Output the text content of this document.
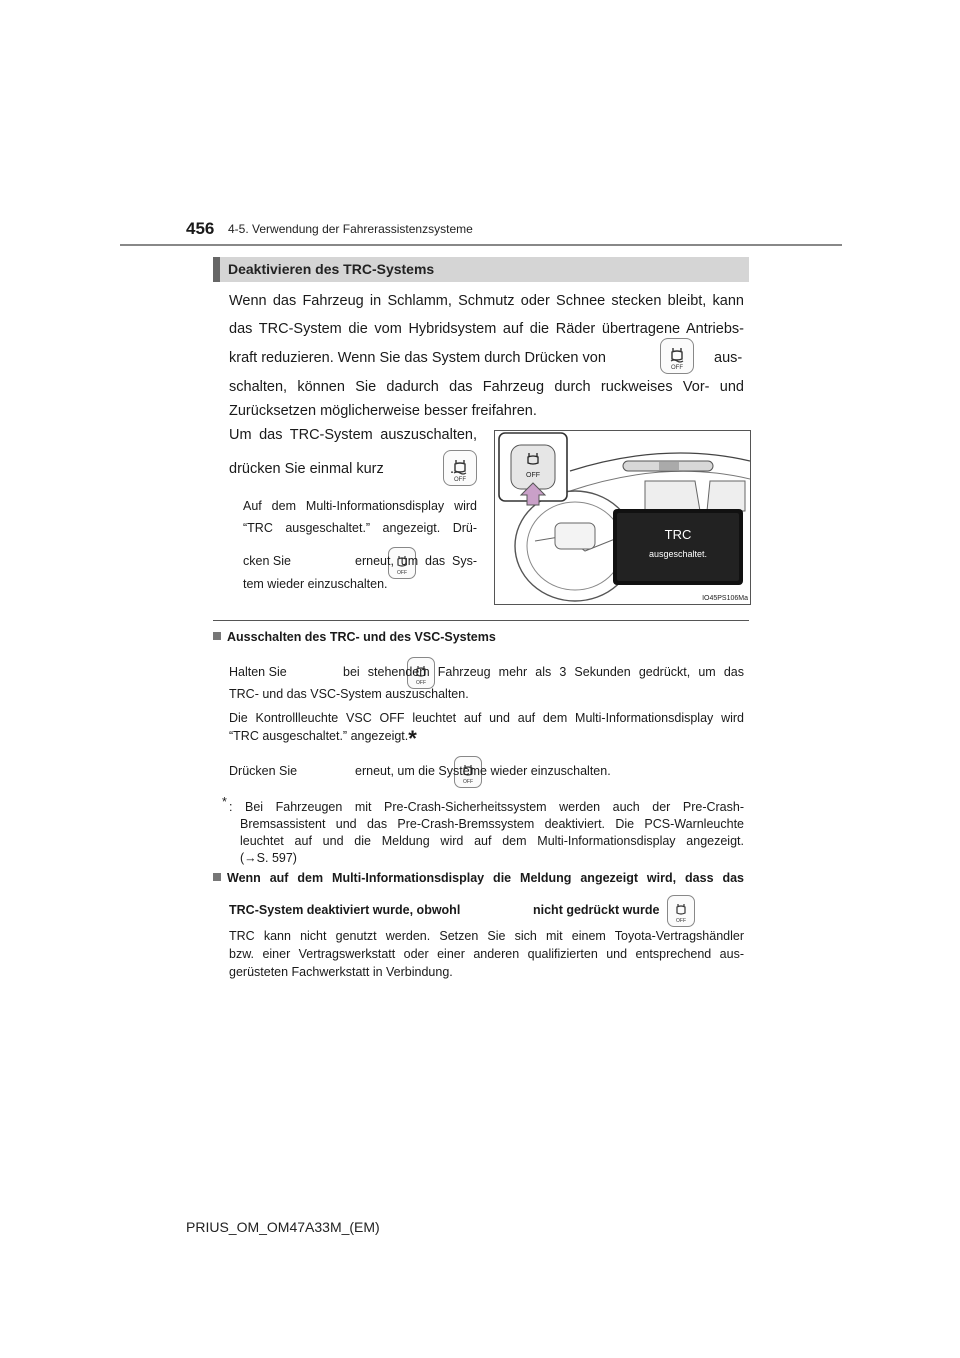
456 4-5. Verwendung der Fahrerassistenzsysteme
Deaktivieren des TRC-Systems
Wenn das Fahrzeug in Schlamm, Schmutz oder Schnee stecken bleibt, kann
das TRC-System die vom Hybridsystem auf die Räder übertragene Antriebs-
kraft reduzieren. Wenn Sie das System durch Drücken von
OFF

aus-
schalten, können Sie dadurch das Fahrzeug durch ruckweises Vor- und
Zurücksetzen möglicherweise besser freifahren.
Um das TRC-System auszuschalten,
drücken Sie einmal kurz
OFF

.
Auf dem Multi-Informationsdisplay wird
“TRC ausgeschaltet.” angezeigt. Drü-
cken Sie
OFF

erneut, um das Sys-
tem wieder einzuschalten.
TRC
ausgeschaltet.
OFF
IO45PS106Ma
Ausschalten des TRC- und des VSC-Systems
Halten Sie
OFF

bei stehendem Fahrzeug mehr als 3 Sekunden gedrückt, um das
TRC- und das VSC-System auszuschalten.
Die Kontrollleuchte VSC OFF leuchtet auf und auf dem Multi-Informationsdisplay wird
“TRC ausgeschaltet.” angezeigt.*
Drücken Sie
OFF

erneut, um die Systeme wieder einzuschalten.
* : Bei Fahrzeugen mit Pre-Crash-Sicherheitssystem werden auch der Pre-Crash-
Bremsassistent und das Pre-Crash-Bremssystem deaktiviert. Die PCS-Warnleuchte
leuchtet auf und die Meldung wird auf dem Multi-Informationsdisplay angezeigt.
(→S. 597)
Wenn auf dem Multi-Informationsdisplay die Meldung angezeigt wird, dass das
TRC-System deaktiviert wurde, obwohl
OFF
nicht gedrückt wurde
TRC kann nicht genutzt werden. Setzen Sie sich mit einem Toyota-Vertragshändler
bzw. einer Vertragswerkstatt oder einer anderen qualifizierten und entsprechend aus-
gerüsteten Fachwerkstatt in Verbindung.
PRIUS_OM_OM47A33M_(EM)
